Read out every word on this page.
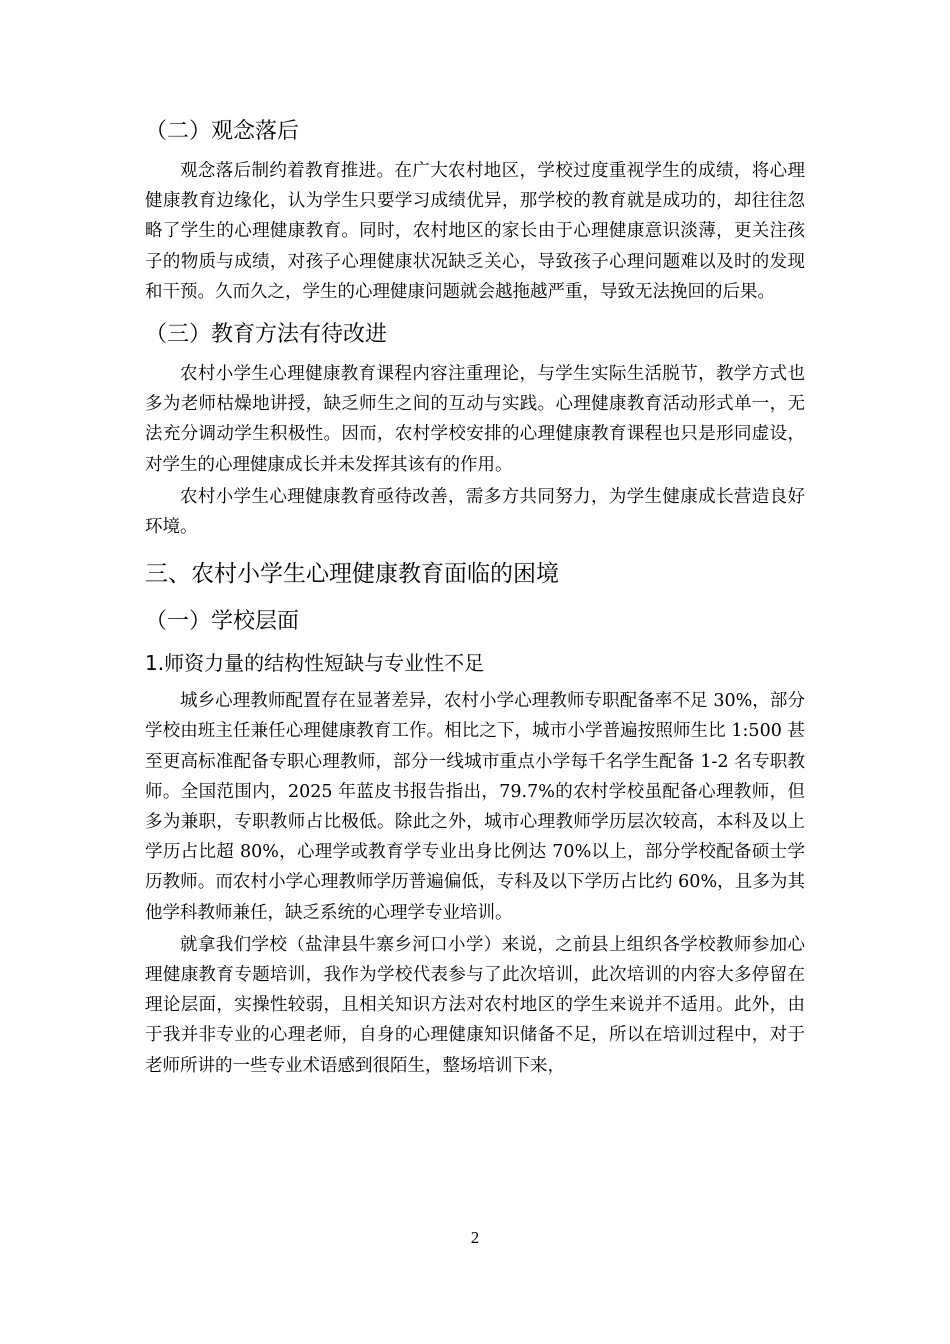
（二）观念落后
观念落后制约着教育推进。在广大农村地区，学校过度重视学生的成绩，将心理健康教育边缘化，认为学生只要学习成绩优异，那学校的教育就是成功的，却往往忽略了学生的心理健康教育。同时，农村地区的家长由于心理健康意识淡薄，更关注孩子的物质与成绩，对孩子心理健康状况缺乏关心，导致孩子心理问题难以及时的发现和干预。久而久之，学生的心理健康问题就会越拖越严重，导致无法挽回的后果。
（三）教育方法有待改进
农村小学生心理健康教育课程内容注重理论，与学生实际生活脱节，教学方式也多为老师枯燥地讲授，缺乏师生之间的互动与实践。心理健康教育活动形式单一，无法充分调动学生积极性。因而，农村学校安排的心理健康教育课程也只是形同虚设，对学生的心理健康成长并未发挥其该有的作用。
农村小学生心理健康教育亟待改善，需多方共同努力，为学生健康成长营造良好环境。
三、农村小学生心理健康教育面临的困境
（一）学校层面
1.师资力量的结构性短缺与专业性不足
城乡心理教师配置存在显著差异，农村小学心理教师专职配备率不足 30%，部分学校由班主任兼任心理健康教育工作。相比之下，城市小学普遍按照师生比 1:500 甚至更高标准配备专职心理教师，部分一线城市重点小学每千名学生配备 1-2 名专职教师。全国范围内，2025 年蓝皮书报告指出，79.7%的农村学校虽配备心理教师，但多为兼职，专职教师占比极低。除此之外，城市心理教师学历层次较高，本科及以上学历占比超 80%，心理学或教育学专业出身比例达 70%以上，部分学校配备硕士学历教师。而农村小学心理教师学历普遍偏低，专科及以下学历占比约 60%，且多为其他学科教师兼任，缺乏系统的心理学专业培训。
就拿我们学校（盐津县牛寨乡河口小学）来说，之前县上组织各学校教师参加心理健康教育专题培训，我作为学校代表参与了此次培训，此次培训的内容大多停留在理论层面，实操性较弱，且相关知识方法对农村地区的学生来说并不适用。此外，由于我并非专业的心理老师，自身的心理健康知识储备不足，所以在培训过程中，对于老师所讲的一些专业术语感到很陌生，整场培训下来，
2
